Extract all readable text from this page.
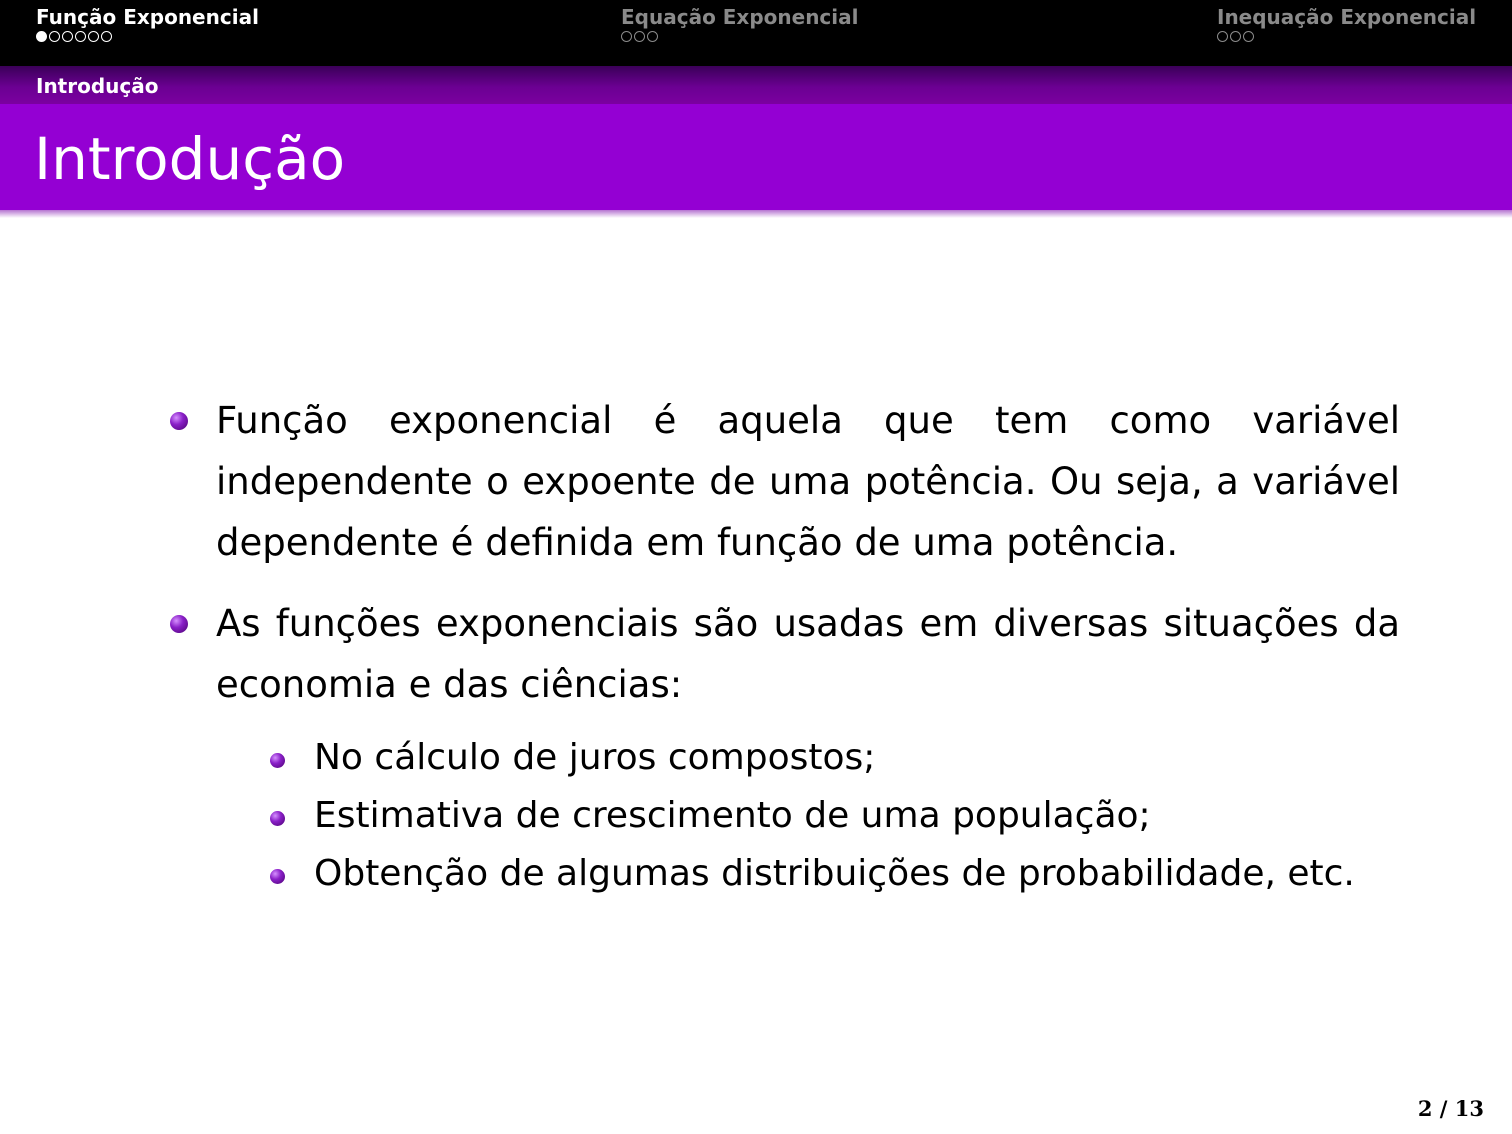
Função Exponencial	Equação Exponencial	Inequação Exponencial
Introdução
Introdução
Função exponencial é aquela que tem como variável independente o expoente de uma potência. Ou seja, a variável dependente é definida em função de uma potência.
As funções exponenciais são usadas em diversas situações da economia e das ciências:
No cálculo de juros compostos;
Estimativa de crescimento de uma população;
Obtenção de algumas distribuições de probabilidade, etc.
2 / 13
